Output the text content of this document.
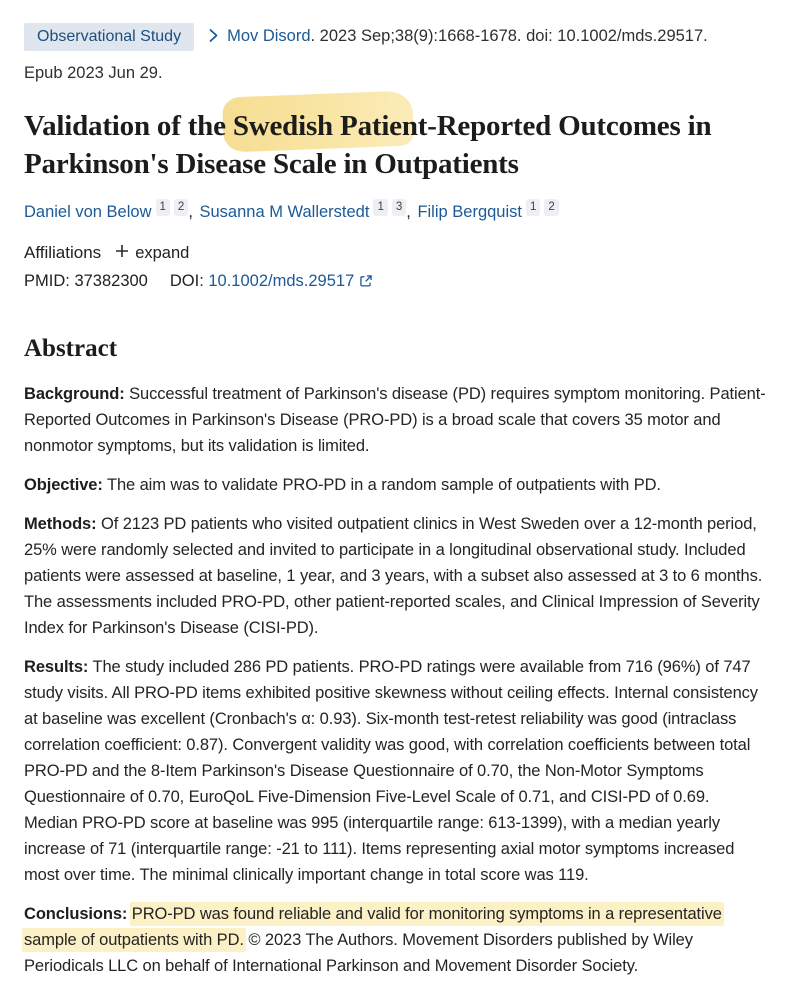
Observational Study	Mov Disord. 2023 Sep;38(9):1668-1678. doi: 10.1002/mds.29517.
Epub 2023 Jun 29.
Validation of the
Swedish Patient-Reported Outcomes in Parkinson's Disease Scale in Outpatients
Daniel von Below 1 2 , Susanna M Wallerstedt 1 3 , Filip Bergquist 1 2
Affiliations expand
PMID: 37382300 DOI: 10.1002/mds.29517
Abstract

Background: Successful treatment of Parkinson's disease (PD) requires symptom monitoring. Patient-Reported Outcomes in Parkinson's Disease (PRO-PD) is a broad scale that covers 35 motor and nonmotor symptoms, but its validation is limited.

Objective: The aim was to validate PRO-PD in a random sample of outpatients with PD.

Methods: Of 2123 PD patients who visited outpatient clinics in West Sweden over a 12-month period, 25% were randomly selected and invited to participate in a longitudinal observational study. Included patients were assessed at baseline, 1 year, and 3 years, with a subset also assessed at 3 to 6 months. The assessments included PRO-PD, other patient-reported scales, and Clinical Impression of Severity Index for Parkinson's Disease (CISI-PD).

Results: The study included 286 PD patients. PRO-PD ratings were available from 716 (96%) of 747 study visits. All PRO-PD items exhibited positive skewness without ceiling effects. Internal consistency at baseline was excellent (Cronbach's α: 0.93). Six-month test-retest reliability was good (intraclass correlation coefficient: 0.87). Convergent validity was good, with correlation coefficients between total PRO-PD and the 8-Item Parkinson's Disease Questionnaire of 0.70, the Non-Motor Symptoms Questionnaire of 0.70, EuroQoL Five-Dimension Five-Level Scale of 0.71, and CISI-PD of 0.69. Median PRO-PD score at baseline was 995 (interquartile range: 613-1399), with a median yearly increase of 71 (interquartile range: -21 to 111). Items representing axial motor symptoms increased most over time. The minimal clinically important change in total score was 119.

Conclusions: PRO-PD was found reliable and valid for monitoring symptoms in a representative sample of outpatients with PD. © 2023 The Authors. Movement Disorders published by Wiley Periodicals LLC on behalf of International Parkinson and Movement Disorder Society.
